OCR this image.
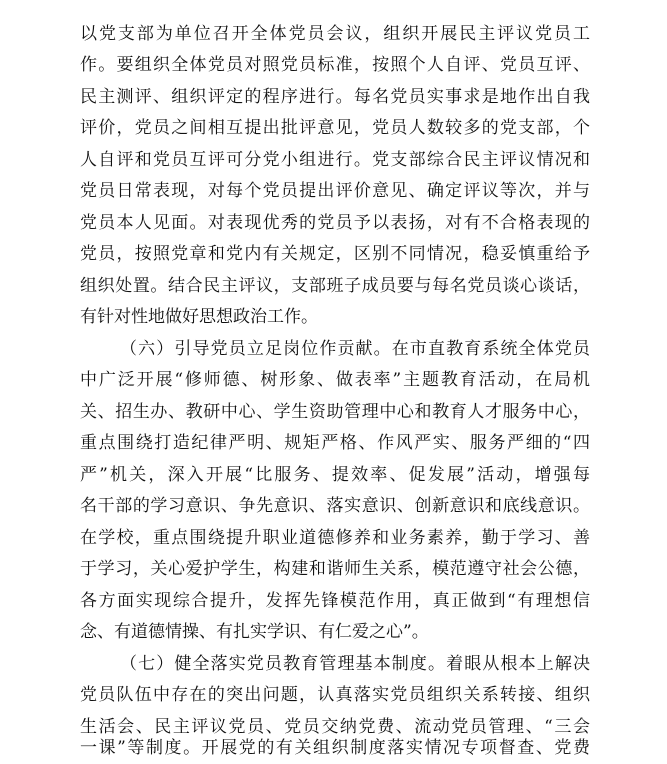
以党支部为单位召开全体党员会议，组织开展民主评议党员工
作。要组织全体党员对照党员标准，按照个人自评、党员互评、
民主测评、组织评定的程序进行。每名党员实事求是地作出自我
评价，党员之间相互提出批评意见，党员人数较多的党支部，个
人自评和党员互评可分党小组进行。党支部综合民主评议情况和
党员日常表现，对每个党员提出评价意见、确定评议等次，并与
党员本人见面。对表现优秀的党员予以表扬，对有不合格表现的
党员，按照党章和党内有关规定，区别不同情况，稳妥慎重给予
组织处置。结合民主评议，支部班子成员要与每名党员谈心谈话，
有针对性地做好思想政治工作。
（六）引导党员立足岗位作贡献。在市直教育系统全体党员
中广泛开展“修师德、树形象、做表率”主题教育活动，在局机
关、招生办、教研中心、学生资助管理中心和教育人才服务中心，
重点围绕打造纪律严明、规矩严格、作风严实、服务严细的“四
严”机关，深入开展“比服务、提效率、促发展”活动，增强每
名干部的学习意识、争先意识、落实意识、创新意识和底线意识。
在学校，重点围绕提升职业道德修养和业务素养，勤于学习、善
于学习，关心爱护学生，构建和谐师生关系，模范遵守社会公德，
各方面实现综合提升，发挥先锋模范作用，真正做到“有理想信
念、有道德情操、有扎实学识、有仁爱之心”。
（七）健全落实党员教育管理基本制度。着眼从根本上解决
党员队伍中存在的突出问题，认真落实党员组织关系转接、组织
生活会、民主评议党员、党员交纳党费、流动党员管理、“三会
一课”等制度。开展党的有关组织制度落实情况专项督查、党费
